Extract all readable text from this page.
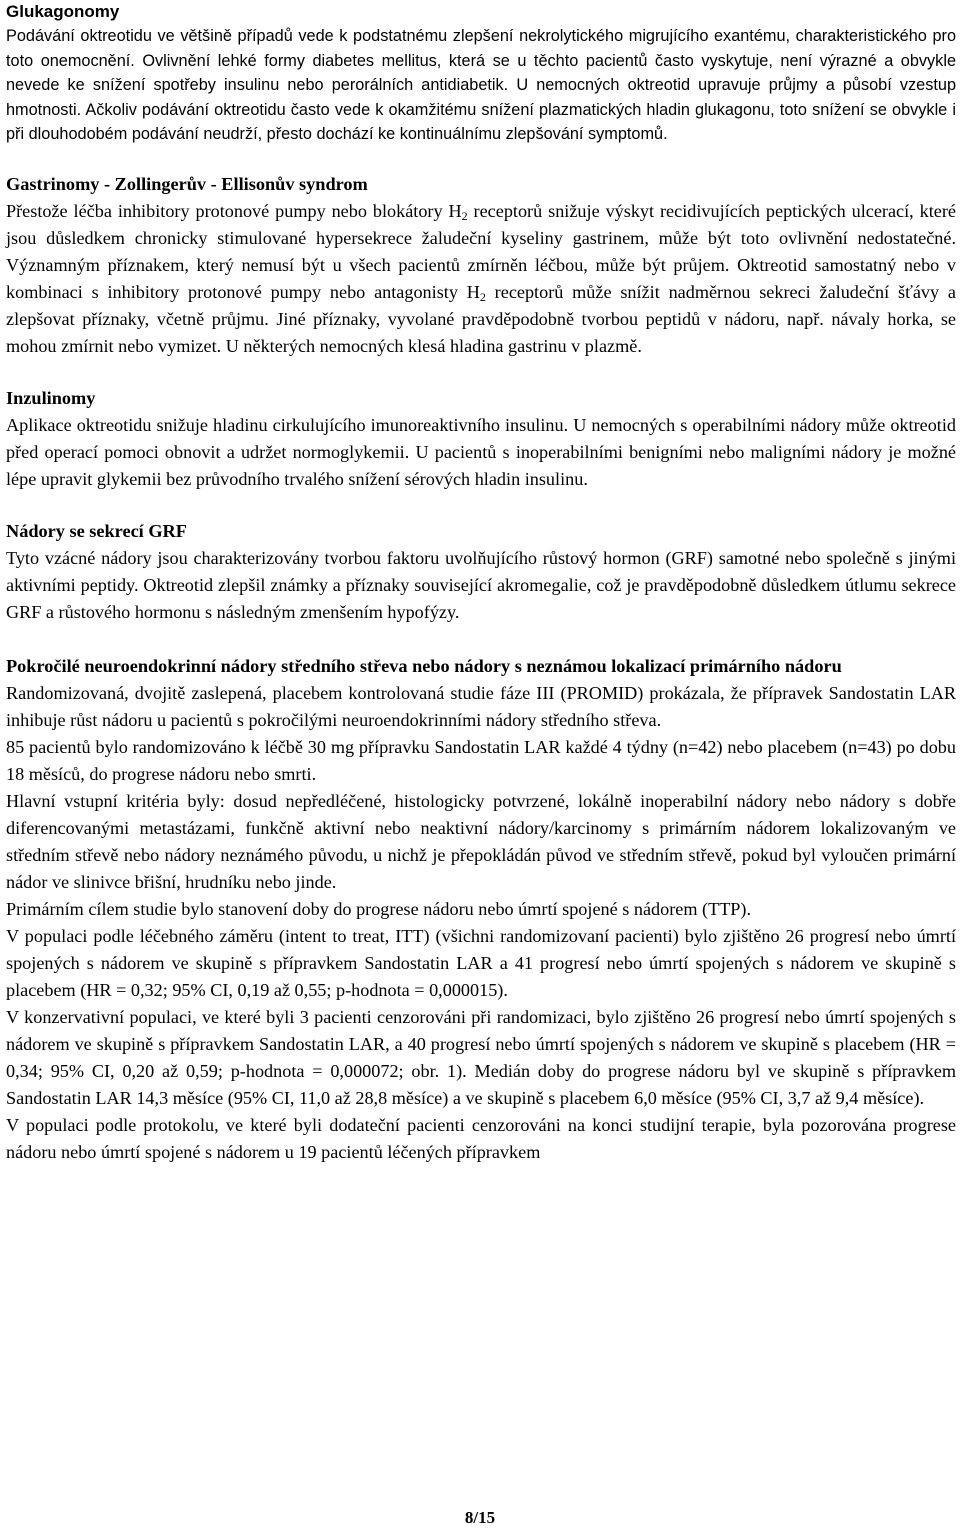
Glukagonomy

Podávání oktreotidu ve většině případů vede k podstatnému zlepšení nekrolytického migrujícího exantému, charakteristického pro toto onemocnění. Ovlivnění lehké formy diabetes mellitus, která se u těchto pacientů často vyskytuje, není výrazné a obvykle nevede ke snížení spotřeby insulinu nebo perorálních antidiabetik. U nemocných oktreotid upravuje průjmy a působí vzestup hmotnosti. Ačkoliv podávání oktreotidu často vede k okamžitému snížení plazmatických hladin glukagonu, toto snížení se obvykle i při dlouhodobém podávání neudrží, přesto dochází ke kontinuálnímu zlepšování symptomů.

Gastrinomy - Zollingerův - Ellisonův syndrom

Přestože léčba inhibitory protonové pumpy nebo blokátory $H_2$ receptorů snižuje výskyt recidivujících peptických ulcerací, které jsou důsledkem chronicky stimulované hypersekrece žaludeční kyseliny gastrinem, může být toto ovlivnění nedostatečné. Významným příznakem, který nemusí být u všech pacientů zmírněn léčbou, může být průjem. Oktreotid samostatný nebo v kombinaci s inhibitory protonové pumpy nebo antagonisty $H_2$ receptorů může snížit nadměrnou sekreci žaludeční šťávy a zlepšovat příznaky, včetně průjmu. Jiné příznaky, vyvolané pravděpodobně tvorbou peptidů v nádoru, např. návaly horka, se mohou zmírnit nebo vymizet. U některých nemocných klesá hladina gastrinu v plazmě.

Inzulinomy

Aplikace oktreotidu snižuje hladinu cirkulujícího imunoreaktivního insulinu. U nemocných s operabilními nádory může oktreotid před operací pomoci obnovit a udržet normoglykemii. U pacientů s inoperabilními benigními nebo maligními nádory je možné lépe upravit glykemii bez průvodního trvalého snížení sérových hladin insulinu.

Nádory se sekrecí GRF

Tyto vzácné nádory jsou charakterizovány tvorbou faktoru uvolňujícího růstový hormon (GRF) samotné nebo společně s jinými aktivními peptidy. Oktreotid zlepšil známky a příznaky související akromegalie, což je pravděpodobně důsledkem útlumu sekrece GRF a růstového hormonu s následným zmenšením hypofýzy.

Pokročilé neuroendokrinní nádory středního střeva nebo nádory s neznámou lokalizací primárního nádoru

Randomizovaná, dvojitě zaslepená, placebem kontrolovaná studie fáze III (PROMID) prokázala, že přípravek Sandostatin LAR inhibuje růst nádoru u pacientů s pokročilými neuroendokrinními nádory středního střeva.

85 pacientů bylo randomizováno k léčbě 30 mg přípravku Sandostatin LAR každé 4 týdny (n=42) nebo placebem (n=43) po dobu 18 měsíců, do progrese nádoru nebo smrti.

Hlavní vstupní kritéria byly: dosud nepředléčené, histologicky potvrzené, lokálně inoperabilní nádory nebo nádory s dobře diferencovanými metastázami, funkčně aktivní nebo neaktivní nádory/karcinomy s primárním nádorem lokalizovaným ve středním střevě nebo nádory neznámého původu, u nichž je přepokládán původ ve středním střevě, pokud byl vyloučen primární nádor ve slinivce břišní, hrudníku nebo jinde.

Primárním cílem studie bylo stanovení doby do progrese nádoru nebo úmrtí spojené s nádorem (TTP).

V populaci podle léčebného záměru (intent to treat, ITT) (všichni randomizovaní pacienti) bylo zjištěno 26 progresí nebo úmrtí spojených s nádorem ve skupině s přípravkem Sandostatin LAR a 41 progresí nebo úmrtí spojených s nádorem ve skupině s placebem (HR = 0,32; 95% CI, 0,19 až 0,55; p-hodnota = 0,000015).

V konzervativní populaci, ve které byli 3 pacienti cenzorováni při randomizaci, bylo zjištěno 26 progresí nebo úmrtí spojených s nádorem ve skupině s přípravkem Sandostatin LAR, a 40 progresí nebo úmrtí spojených s nádorem ve skupině s placebem (HR = 0,34; 95% CI, 0,20 až 0,59; p-hodnota = 0,000072; obr. 1). Medián doby do progrese nádoru byl ve skupině s přípravkem Sandostatin LAR 14,3 měsíce (95% CI, 11,0 až 28,8 měsíce) a ve skupině s placebem 6,0 měsíce (95% CI, 3,7 až 9,4 měsíce).

V populaci podle protokolu, ve které byli dodateční pacienti cenzorováni na konci studijní terapie, byla pozorována progrese nádoru nebo úmrtí spojené s nádorem u 19 pacientů léčených přípravkem

8/15
